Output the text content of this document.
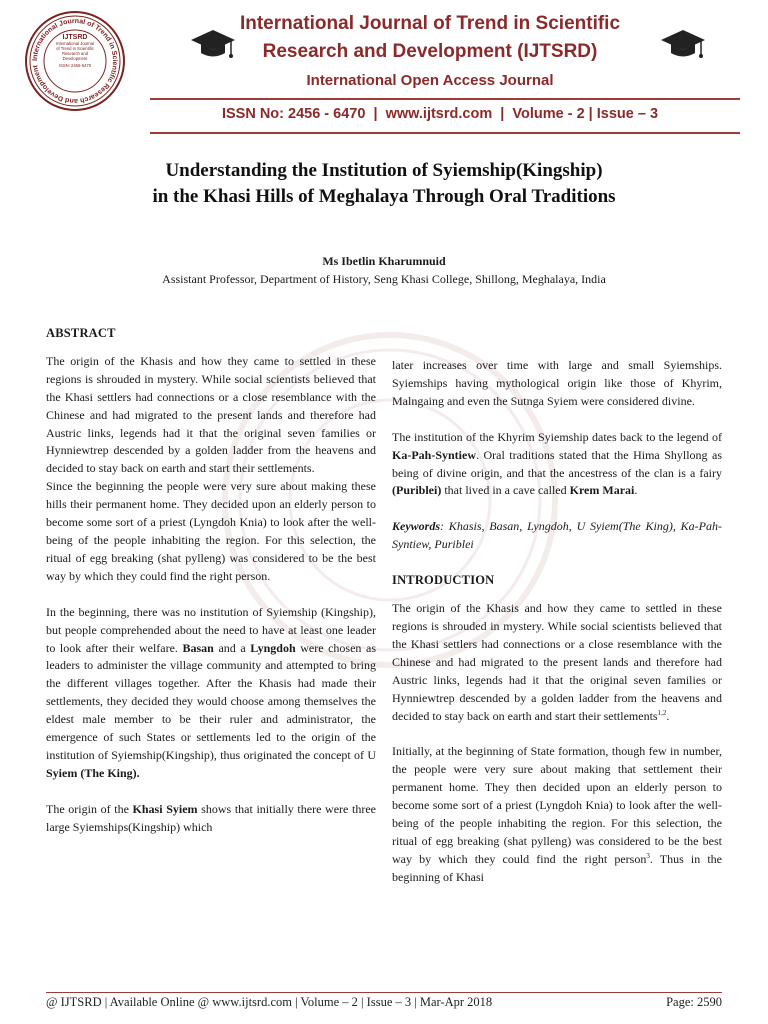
International Journal of Trend in Scientific Research and Development
IJTSRD
International Journal
of Trend in Scientific
Research and
Development
ISSN: 2456-6470
International Journal of Trend in Scientific
Research and Development (IJTSRD)
International Open Access Journal
ISSN No: 2456 - 6470  |  www.ijtsrd.com  |  Volume - 2 | Issue – 3
Understanding the Institution of Syiemship(Kingship)
in the Khasi Hills of Meghalaya Through Oral Traditions
Ms Ibetlin Kharumnuid
Assistant Professor, Department of History, Seng Khasi College, Shillong, Meghalaya, India

ABSTRACT

The origin of the Khasis and how they came to settled in these regions is shrouded in mystery. While social scientists believed that the Khasi settlers had connections or a close resemblance with the Chinese and had migrated to the present lands and therefore had Austric links, legends had it that the original seven families or Hynniewtrep descended by a golden ladder from the heavens and decided to stay back on earth and start their settlements.

Since the beginning the people were very sure about making these hills their permanent home. They decided upon an elderly person to become some sort of a priest (Lyngdoh Knia) to look after the well-being of the people inhabiting the region. For this selection, the ritual of egg breaking (shat pylleng) was considered to be the best way by which they could find the right person.

In the beginning, there was no institution of Syiemship (Kingship), but people comprehended about the need to have at least one leader to look after their welfare. Basan and a Lyngdoh were chosen as leaders to administer the village community and attempted to bring the different villages together. After the Khasis had made their settlements, they decided they would choose among themselves the eldest male member to be their ruler and administrator, the emergence of such States or settlements led to the origin of the institution of Syiemship(Kingship), thus originated the concept of U Syiem (The King).

The origin of the Khasi Syiem shows that initially there were three large Syiemships(Kingship) which

later increases over time with large and small Syiemships. Syiemships having mythological origin like those of Khyrim, Malngaing and even the Sutnga Syiem were considered divine.

The institution of the Khyrim Syiemship dates back to the legend of Ka-Pah-Syntiew. Oral traditions stated that the Hima Shyllong as being of divine origin, and that the ancestress of the clan is a fairy (Puriblei) that lived in a cave called Krem Marai.

Keywords: Khasis, Basan, Lyngdoh, U Syiem(The King), Ka-Pah-Syntiew, Puriblei

INTRODUCTION

The origin of the Khasis and how they came to settled in these regions is shrouded in mystery. While social scientists believed that the Khasi settlers had connections or a close resemblance with the Chinese and had migrated to the present lands and therefore had Austric links, legends had it that the original seven families or Hynniewtrep descended by a golden ladder from the heavens and decided to stay back on earth and start their settlements$^{1,2}$.

Initially, at the beginning of State formation, though few in number, the people were very sure about making that settlement their permanent home. They then decided upon an elderly person to become some sort of a priest (Lyngdoh Knia) to look after the well-being of the people inhabiting the region. For this selection, the ritual of egg breaking (shat pylleng) was considered to be the best way by which they could find the right person$^3$. Thus in the beginning of Khasi

@ IJTSRD | Available Online @ www.ijtsrd.com | Volume – 2 | Issue – 3 | Mar-Apr 2018	Page: 2590
